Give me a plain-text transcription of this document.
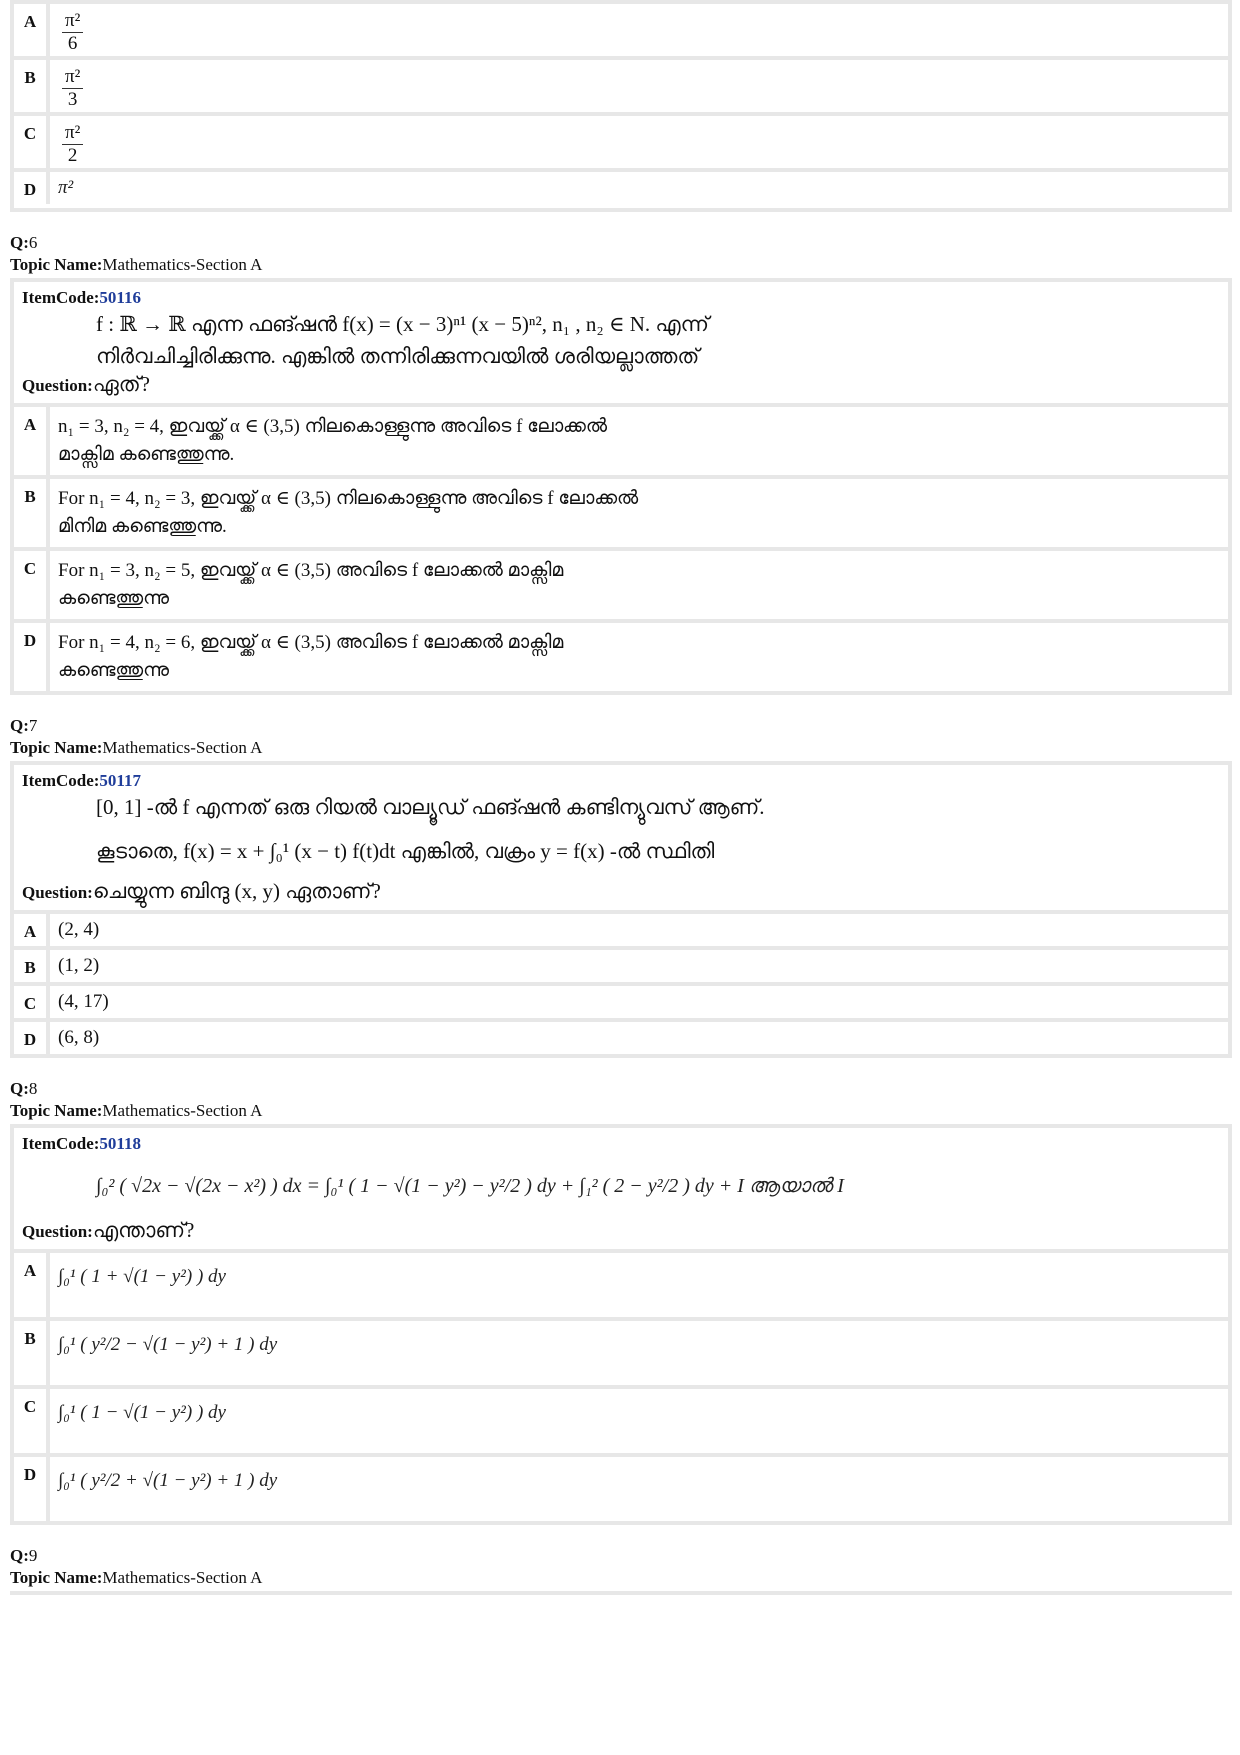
A	$\frac{\text{π²}}{6}$
B	$\frac{\text{π²}}{3}$
C	$\frac{\text{π²}}{2}$
D	π²
Q:6
Topic Name:Mathematics-Section A
ItemCode:50116
f : ℝ → ℝ എന്ന ഫങ്ഷൻ f(x) = (x − 3)ⁿ¹ (x − 5)ⁿ², n₁ , n₂ ∈ N. എന്ന്
നിർവചിച്ചിരിക്കുന്നു. എങ്കിൽ തന്നിരിക്കുന്നവയിൽ ശരിയല്ലാത്തത്
Question:ഏത്?
A	n₁ = 3, n₂ = 4, ഇവയ്ക്ക് α ∈ (3,5) നിലകൊള്ളുന്നു അവിടെ f ലോക്കൽ
മാക്സിമ കണ്ടെത്തുന്നു.
B	For n₁ = 4, n₂ = 3, ഇവയ്ക്ക് α ∈ (3,5) നിലകൊള്ളുന്നു അവിടെ f ലോക്കൽ
മിനിമ കണ്ടെത്തുന്നു.
C	For n₁ = 3, n₂ = 5, ഇവയ്ക്ക് α ∈ (3,5) അവിടെ f ലോക്കൽ മാക്സിമ
കണ്ടെത്തുന്നു
D	For n₁ = 4, n₂ = 6, ഇവയ്ക്ക് α ∈ (3,5) അവിടെ f ലോക്കൽ മാക്സിമ
കണ്ടെത്തുന്നു
Q:7
Topic Name:Mathematics-Section A
ItemCode:50117
[0, 1] -ൽ f എന്നത് ഒരു റിയൽ വാല്യൂഡ് ഫങ്ഷൻ കണ്ടിന്യുവസ് ആണ്.
കൂടാതെ, f(x) = x + ∫₀¹ (x − t) f(t)dt എങ്കിൽ, വക്രം y = f(x) -ൽ സ്ഥിതി
Question:ചെയ്യുന്ന ബിന്ദു (x, y) ഏതാണ്?
A	(2, 4)
B	(1, 2)
C	(4, 17)
D	(6, 8)
Q:8
Topic Name:Mathematics-Section A
ItemCode:50118
∫₀² ( √2x − √(2x − x²) ) dx = ∫₀¹ ( 1 − √(1 − y²) − y²/2 ) dy + ∫₁² ( 2 − y²/2 ) dy + I ആയാൽ I
Question:എന്താണ്?
A	∫₀¹ ( 1 + √(1 − y²) ) dy
B	∫₀¹ ( y²/2 − √(1 − y²) + 1 ) dy
C	∫₀¹ ( 1 − √(1 − y²) ) dy
D	∫₀¹ ( y²/2 + √(1 − y²) + 1 ) dy
Q:9
Topic Name:Mathematics-Section A
